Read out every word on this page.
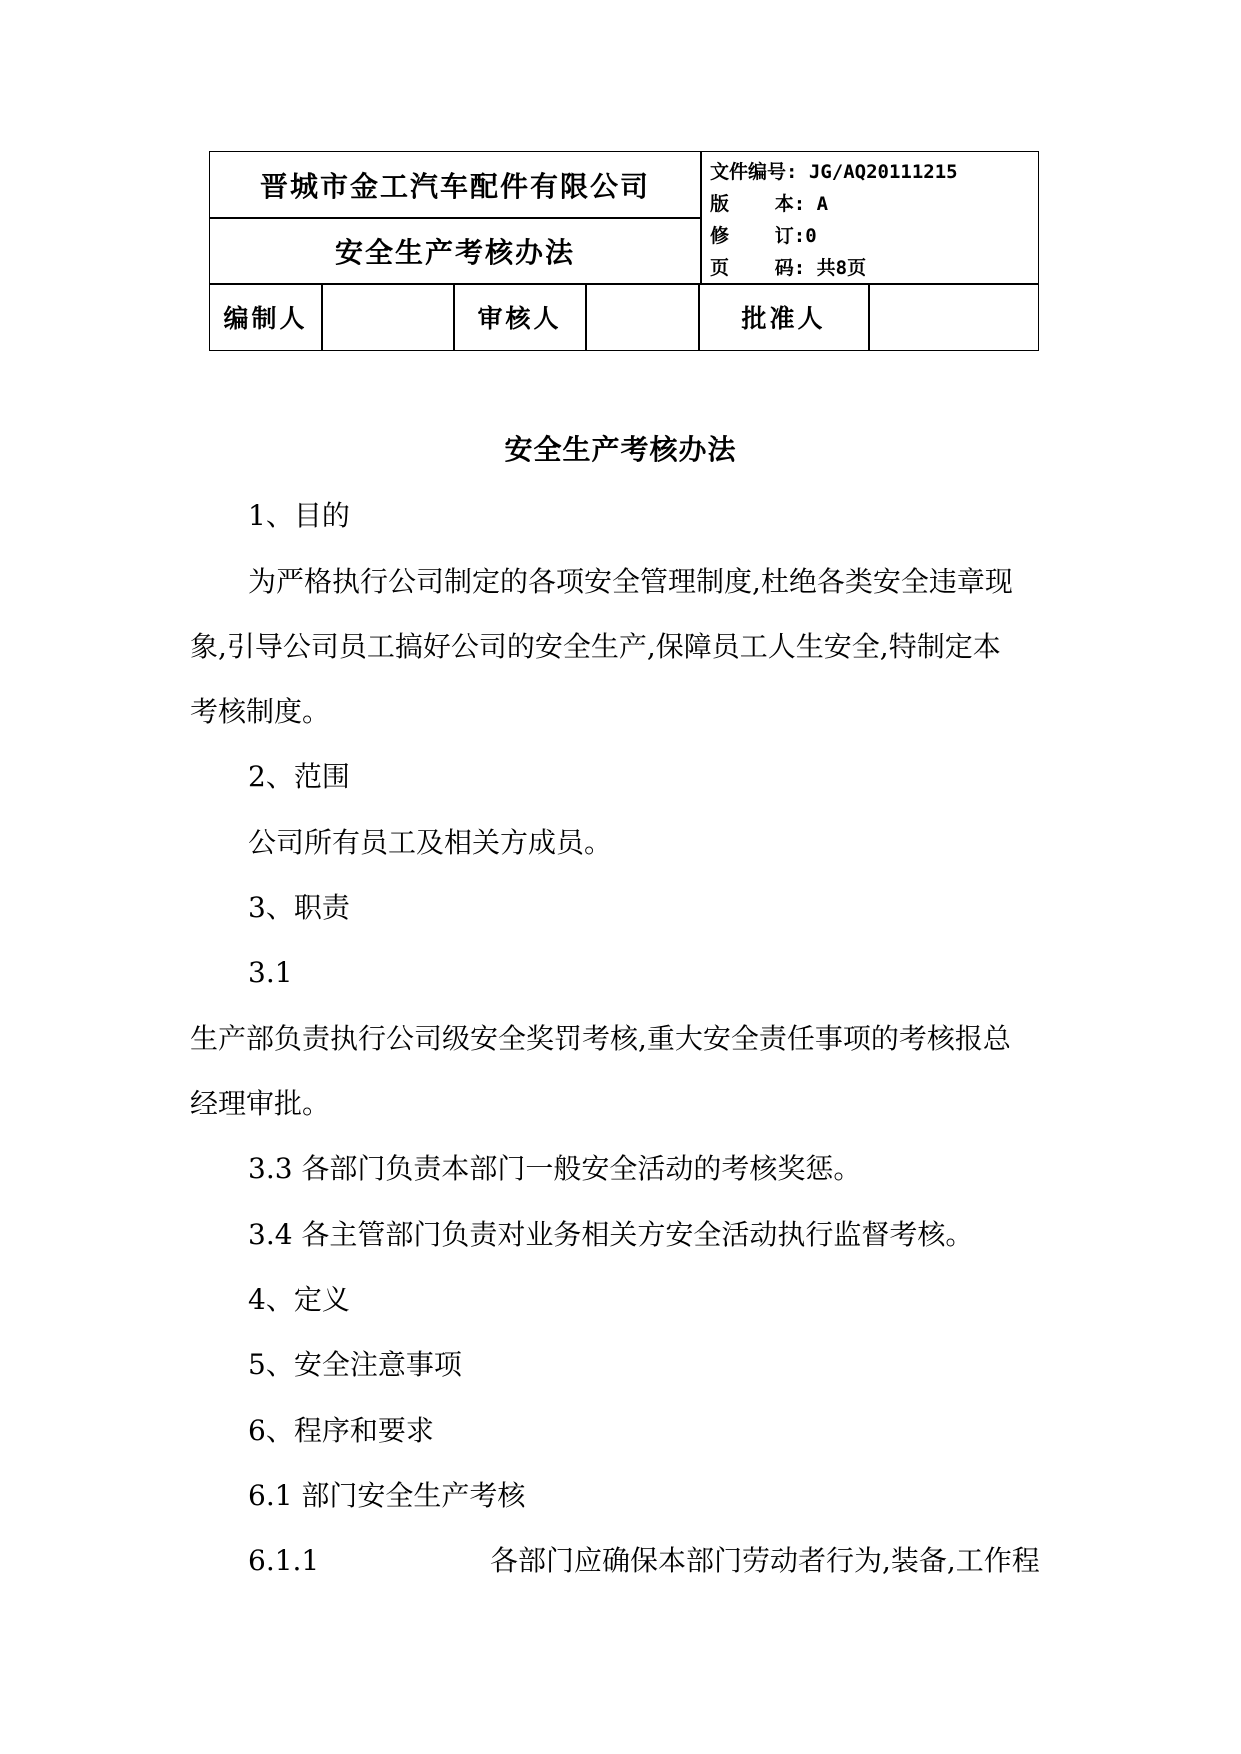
晋城市金工汽车配件有限公司
安全生产考核办法
文件编号: JG/AQ20111215
版    本: A
修    订:0
页    码: 共8页
编制人	审核人	批准人
安全生产考核办法
1、目的
为严格执行公司制定的各项安全管理制度,杜绝各类安全违章现
象,引导公司员工搞好公司的安全生产,保障员工人生安全,特制定本
考核制度。
2、范围
公司所有员工及相关方成员。
3、职责
3.1
生产部负责执行公司级安全奖罚考核,重大安全责任事项的考核报总
经理审批。
3.3 各部门负责本部门一般安全活动的考核奖惩。
3.4 各主管部门负责对业务相关方安全活动执行监督考核。
4、定义
5、安全注意事项
6、程序和要求
6.1 部门安全生产考核
6.1.1	各部门应确保本部门劳动者行为,装备,工作程
